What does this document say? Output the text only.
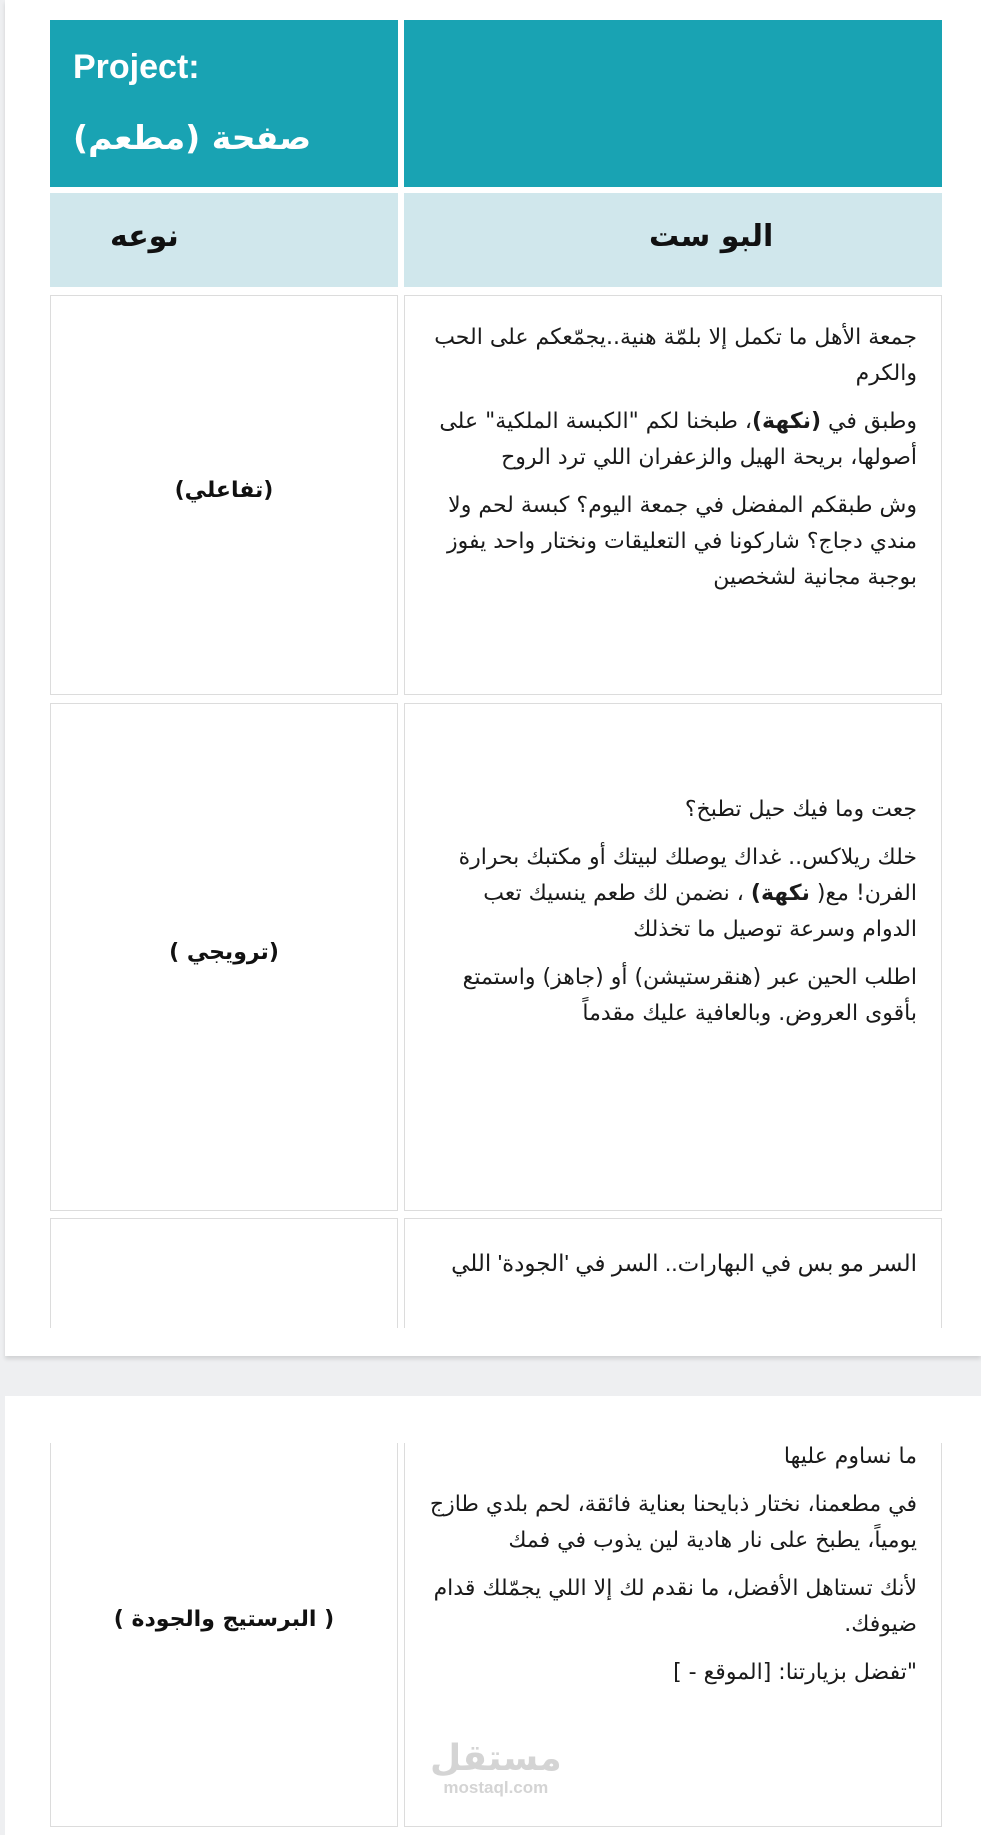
Project:
صفحة (مطعم)
نوعه	البو ست
(تفاعلي)

جمعة الأهل ما تكمل إلا بلمّة هنية..يجمّعكم على الحب والكرم

وطبق في (نكهة)، طبخنا لكم "الكبسة الملكية" على أصولها، بريحة الهيل والزعفران اللي ترد الروح

وش طبقكم المفضل في جمعة اليوم؟ كبسة لحم ولا مندي دجاج؟ شاركونا في التعليقات ونختار واحد يفوز بوجبة مجانية لشخصين

(ترويجي )

جعت وما فيك حيل تطبخ؟

خلك ريلاكس.. غداك يوصلك لبيتك أو مكتبك بحرارة الفرن! مع( نكهة) ، نضمن لك طعم ينسيك تعب الدوام وسرعة توصيل ما تخذلك

اطلب الحين عبر (هنقرستيشن) أو (جاهز) واستمتع بأقوى العروض. وبالعافية عليك مقدماً

السر مو بس في البهارات.. السر في 'الجودة' اللي

( البرستيج والجودة )

ما نساوم عليها

في مطعمنا، نختار ذبايحنا بعناية فائقة، لحم بلدي طازج يومياً، يطبخ على نار هادية لين يذوب في فمك

لأنك تستاهل الأفضل، ما نقدم لك إلا اللي يجمّلك قدام ضيوفك.

"تفضل بزيارتنا: [الموقع - ]

مستقل
mostaql.com
